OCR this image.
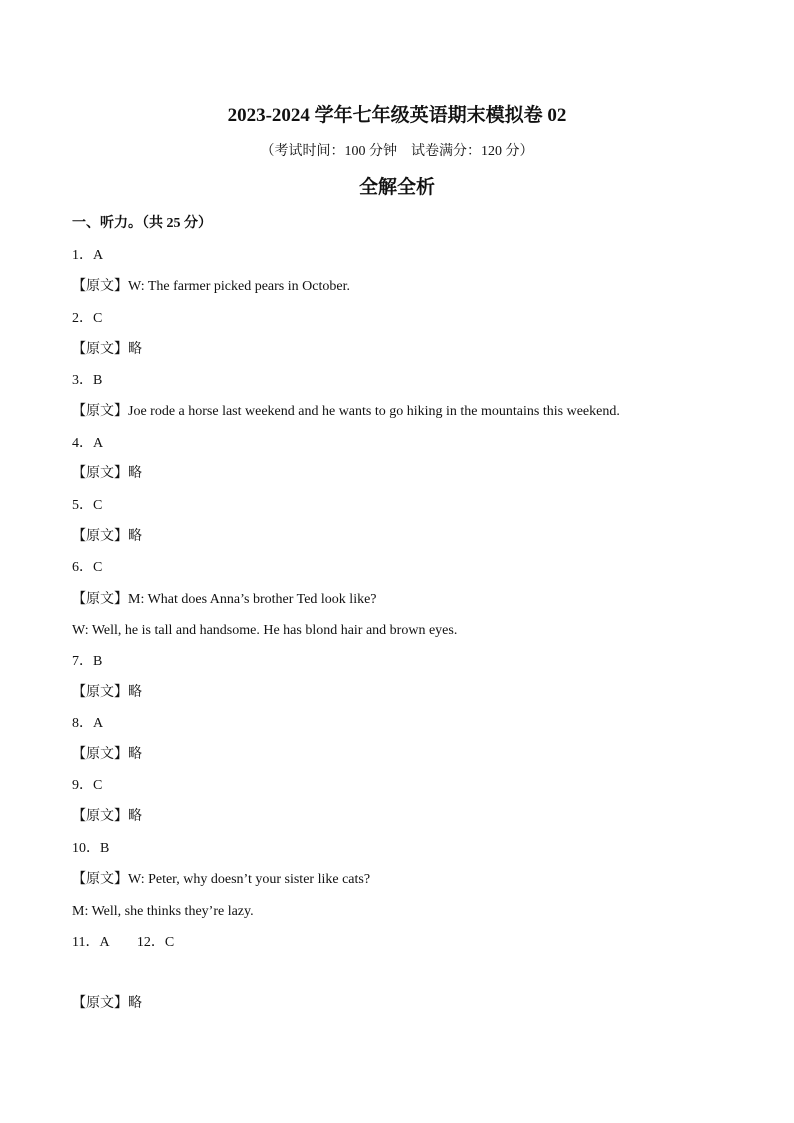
2023-2024 学年七年级英语期末模拟卷 02
（考试时间：100 分钟　试卷满分：120 分）
全解全析
一、听力。（共 25 分）
1．A
【原文】W: The farmer picked pears in October.
2．C
【原文】略
3．B
【原文】Joe rode a horse last weekend and he wants to go hiking in the mountains this weekend.
4．A
【原文】略
5．C
【原文】略
6．C
【原文】M: What does Anna’s brother Ted look like?
W: Well, he is tall and handsome. He has blond hair and brown eyes.
7．B
【原文】略
8．A
【原文】略
9．C
【原文】略
10．B
【原文】W: Peter, why doesn’t your sister like cats?
M: Well, she thinks they’re lazy.
11．A　　12．C
【原文】略
